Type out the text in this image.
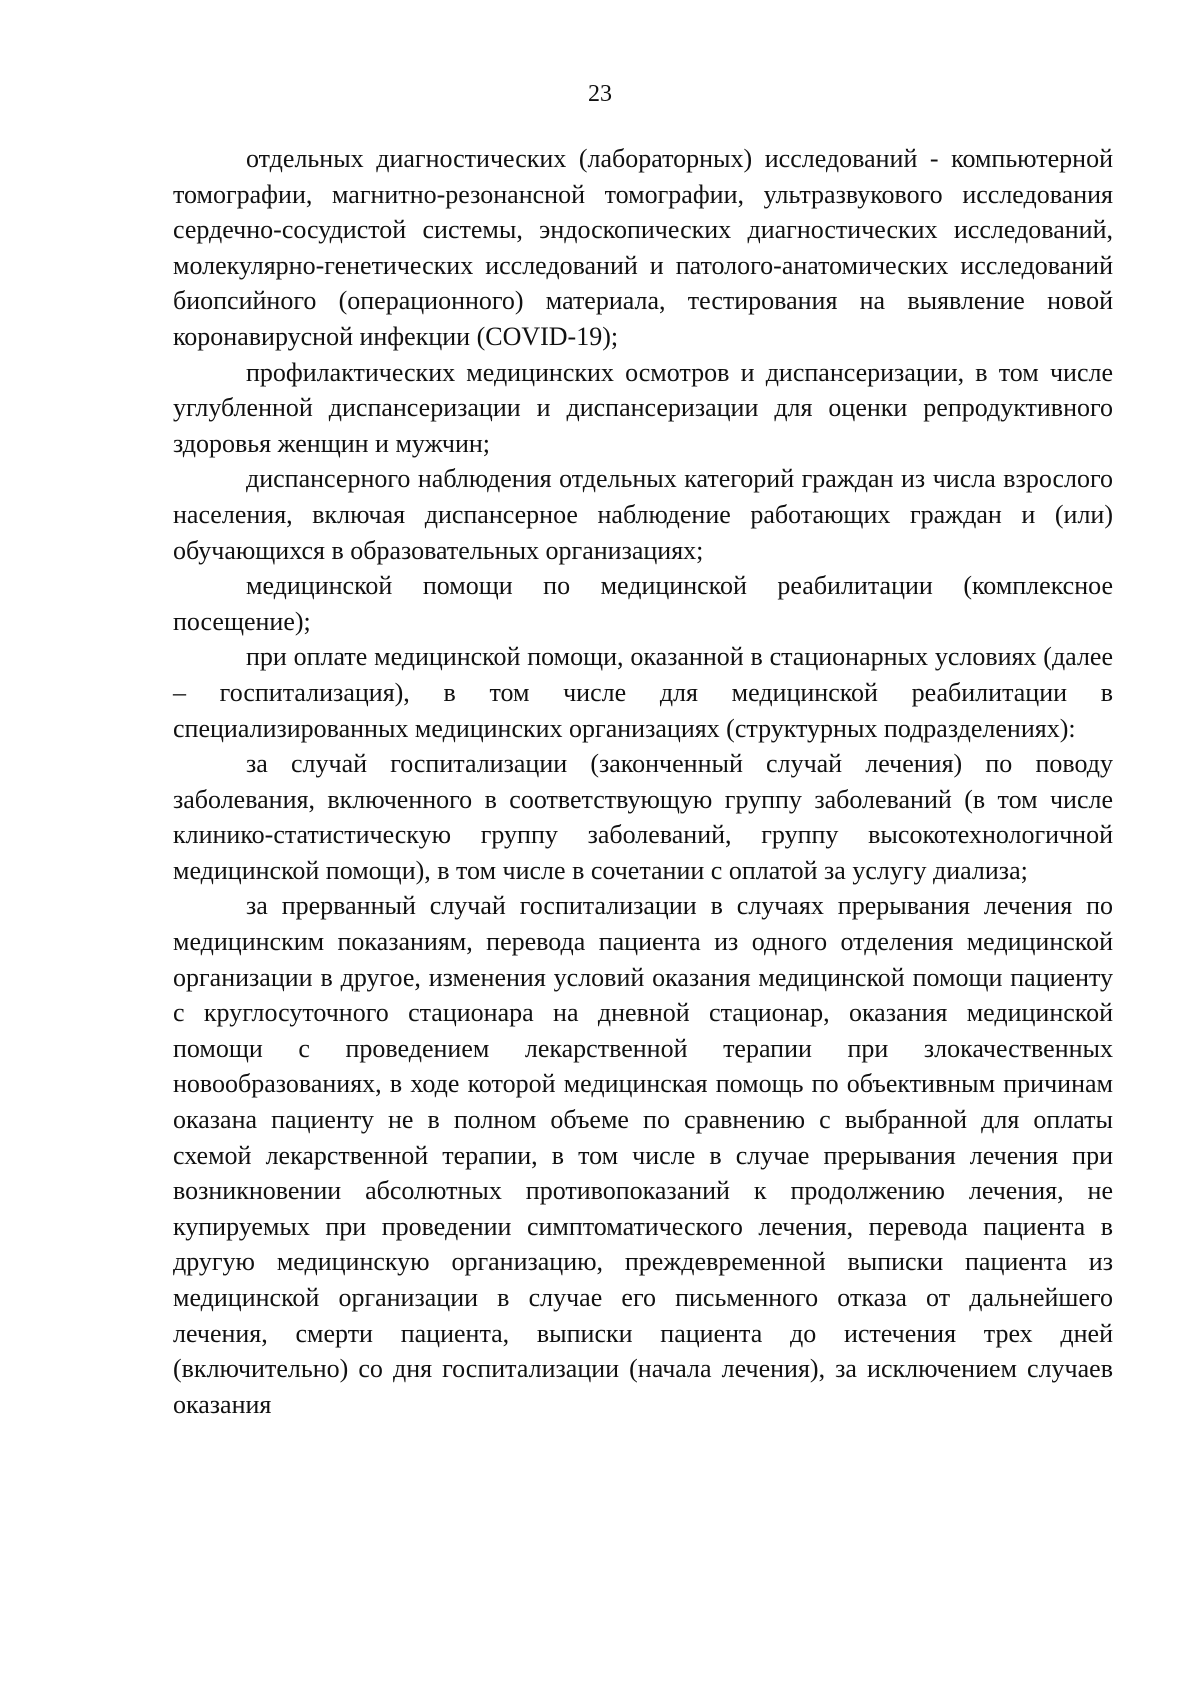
23

отдельных диагностических (лабораторных) исследований - компьютерной томографии, магнитно-резонансной томографии, ультразвукового исследования сердечно-сосудистой системы, эндоскопических диагностических исследований, молекулярно-генетических исследований и патолого-анатомических исследований биопсийного (операционного) материала, тестирования на выявление новой коронавирусной инфекции (COVID-19);

профилактических медицинских осмотров и диспансеризации, в том числе углубленной диспансеризации и диспансеризации для оценки репродуктивного здоровья женщин и мужчин;

диспансерного наблюдения отдельных категорий граждан из числа взрослого населения, включая диспансерное наблюдение работающих граждан и (или) обучающихся в образовательных организациях;

медицинской помощи по медицинской реабилитации (комплексное посещение);

при оплате медицинской помощи, оказанной в стационарных условиях (далее – госпитализация), в том числе для медицинской реабилитации в специализированных медицинских организациях (структурных подразделениях):

за случай госпитализации (законченный случай лечения) по поводу заболевания, включенного в соответствующую группу заболеваний (в том числе клинико-статистическую группу заболеваний, группу высокотехнологичной медицинской помощи), в том числе в сочетании с оплатой за услугу диализа;

за прерванный случай госпитализации в случаях прерывания лечения по медицинским показаниям, перевода пациента из одного отделения медицинской организации в другое, изменения условий оказания медицинской помощи пациенту с круглосуточного стационара на дневной стационар, оказания медицинской помощи с проведением лекарственной терапии при злокачественных новообразованиях, в ходе которой медицинская помощь по объективным причинам оказана пациенту не в полном объеме по сравнению с выбранной для оплаты схемой лекарственной терапии, в том числе в случае прерывания лечения при возникновении абсолютных противопоказаний к продолжению лечения, не купируемых при проведении симптоматического лечения, перевода пациента в другую медицинскую организацию, преждевременной выписки пациента из медицинской организации в случае его письменного отказа от дальнейшего лечения, смерти пациента, выписки пациента до истечения трех дней (включительно) со дня госпитализации (начала лечения), за исключением случаев оказания
